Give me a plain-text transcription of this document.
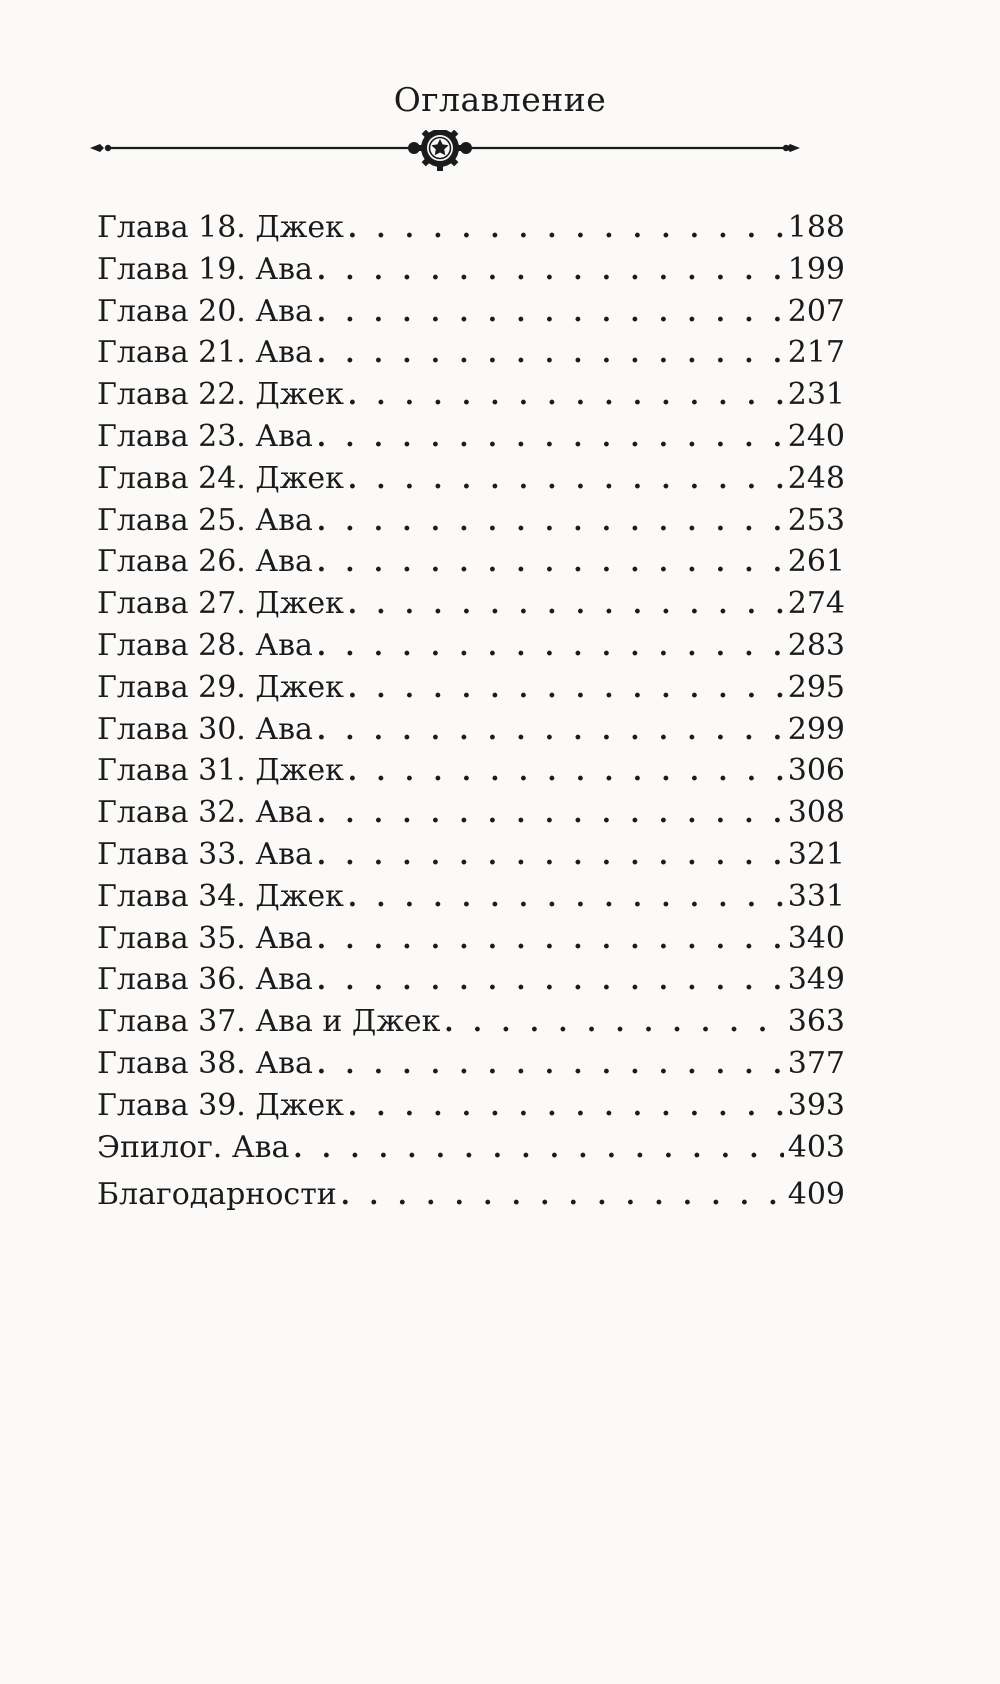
Оглавление
Глава 18. Джек . . .	188
Глава 19. Ава . . .	199
Глава 20. Ава . . .	207
Глава 21. Ава . . .	217
Глава 22. Джек . . .	231
Глава 23. Ава . . .	240
Глава 24. Джек . . .	248
Глава 25. Ава . . .	253
Глава 26. Ава . . .	261
Глава 27. Джек . . .	274
Глава 28. Ава . . .	283
Глава 29. Джек . . .	295
Глава 30. Ава . . .	299
Глава 31. Джек . . .	306
Глава 32. Ава . . .	308
Глава 33. Ава . . .	321
Глава 34. Джек . . .	331
Глава 35. Ава . . .	340
Глава 36. Ава . . .	349
Глава 37. Ава и Джек . . .	363
Глава 38. Ава . . .	377
Глава 39. Джек . . .	393
Эпилог. Ава . . .	403
Благодарности . . .	409
